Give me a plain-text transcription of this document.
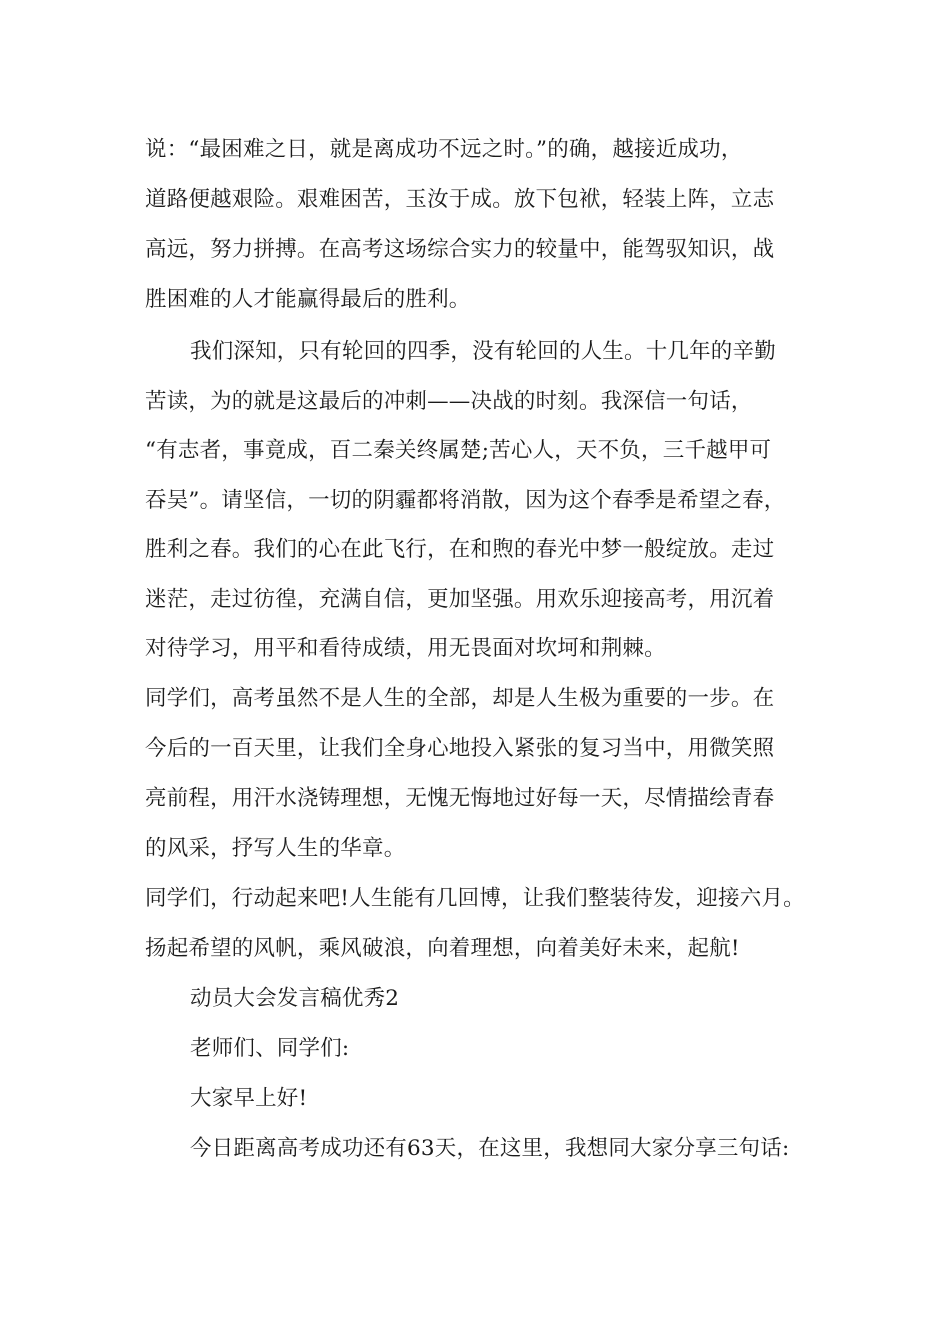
说：“最困难之日，就是离成功不远之时。”的确，越接近成功，
道路便越艰险。艰难困苦，玉汝于成。放下包袱，轻装上阵，立志
高远，努力拼搏。在高考这场综合实力的较量中，能驾驭知识，战
胜困难的人才能赢得最后的胜利。
我们深知，只有轮回的四季，没有轮回的人生。十几年的辛勤
苦读，为的就是这最后的冲刺——决战的时刻。我深信一句话，
“有志者，事竟成，百二秦关终属楚;苦心人，天不负，三千越甲可
吞吴”。请坚信，一切的阴霾都将消散，因为这个春季是希望之春，
胜利之春。我们的心在此飞行，在和煦的春光中梦一般绽放。走过
迷茫，走过彷徨，充满自信，更加坚强。用欢乐迎接高考，用沉着
对待学习，用平和看待成绩，用无畏面对坎坷和荆棘。
同学们，高考虽然不是人生的全部，却是人生极为重要的一步。在
今后的一百天里，让我们全身心地投入紧张的复习当中，用微笑照
亮前程，用汗水浇铸理想，无愧无悔地过好每一天，尽情描绘青春
的风采，抒写人生的华章。
同学们，行动起来吧!人生能有几回博，让我们整装待发，迎接六月。
扬起希望的风帆，乘风破浪，向着理想，向着美好未来，起航!
动员大会发言稿优秀2
老师们、同学们:
大家早上好!
今日距离高考成功还有63天，在这里，我想同大家分享三句话:
